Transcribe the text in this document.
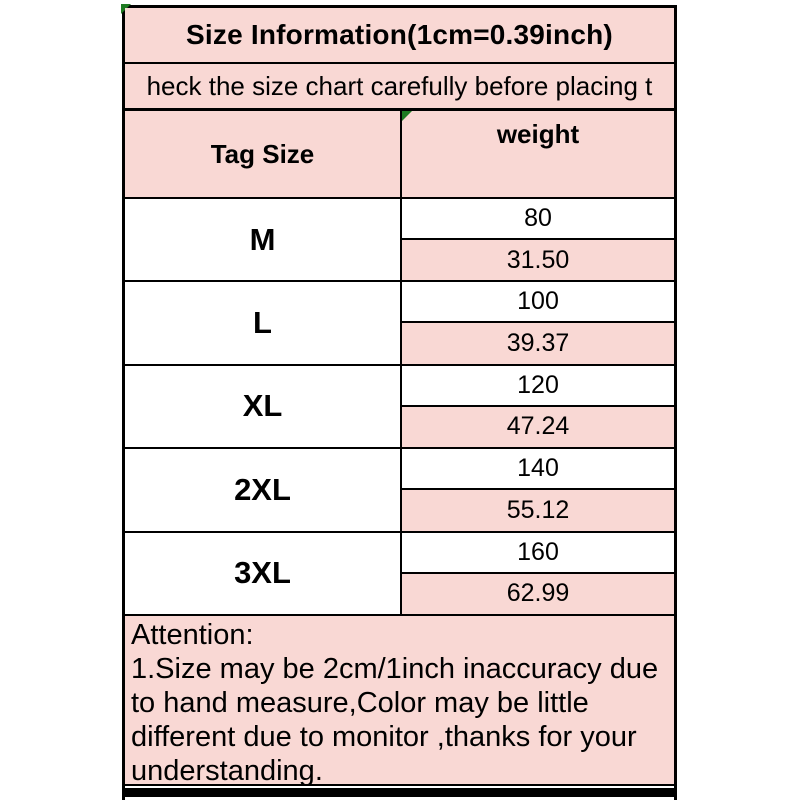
Size Information(1cm=0.39inch)
heck the size chart carefully before placing t
Tag Size
weight
M
80
31.50
L
100
39.37
XL
120
47.24
2XL
140
55.12
3XL
160
62.99
Attention:
1.Size may be 2cm/1inch inaccuracy due
to hand measure,Color may be little
different due to monitor ,thanks for your
understanding.
